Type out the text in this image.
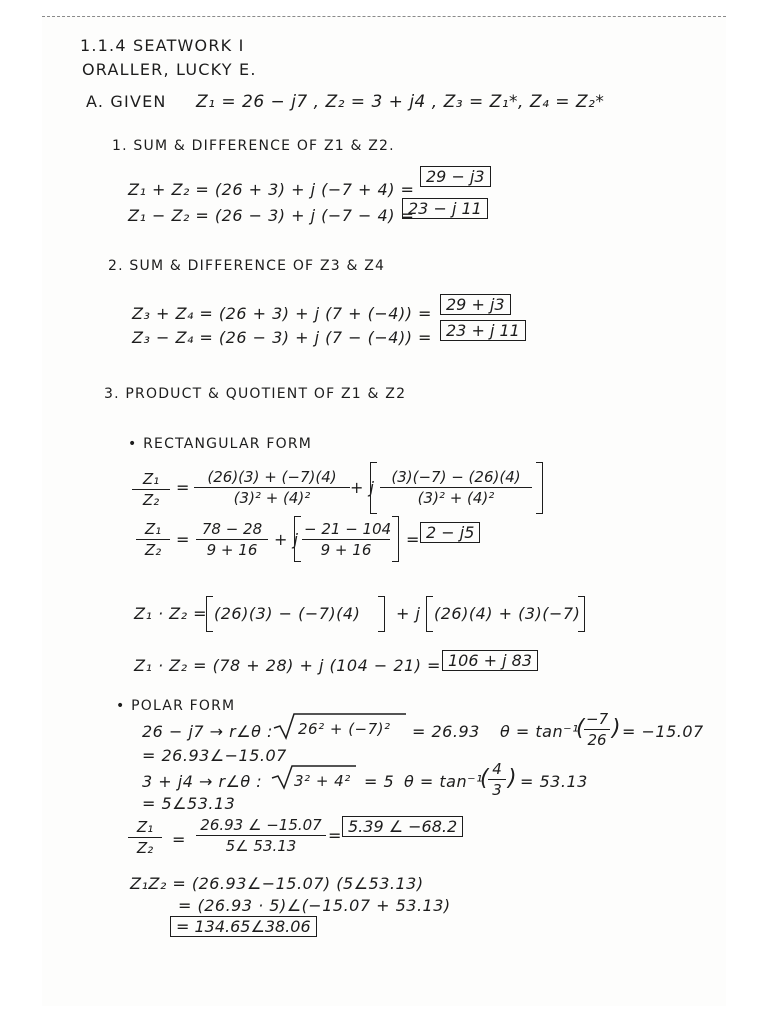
1.1.4 SEATWORK I
ORALLER, LUCKY E.
A. GIVEN Z₁ = 26 − j7 , Z₂ = 3 + j4 , Z₃ = Z₁*, Z₄ = Z₂*
1. SUM & DIFFERENCE OF Z1 & Z2.
Z₁ + Z₂ = (26 + 3) + j (−7 + 4) =
29 − j3
Z₁ − Z₂ = (26 − 3) + j (−7 − 4) =
23 − j 11
2. SUM & DIFFERENCE OF Z3 & Z4
Z₃ + Z₄ = (26 + 3) + j (7 + (−4)) = 29 + j3
Z₃ − Z₄ = (26 − 3) + j (7 − (−4)) = 23 + j 11
3. PRODUCT & QUOTIENT OF Z1 & Z2
• RECTANGULAR FORM
Z₁
Z₂
=
(26)(3) + (−7)(4)
(3)² + (4)²
+ j
(3)(−7) − (26)(4)
(3)² + (4)²
Z₁
Z₂
=
78 − 28
9 + 16
+ j
− 21 − 104
9 + 16
= 2 − j5
Z₁ · Z₂ = (26)(3) − (−7)(4) + j (26)(4) + (3)(−7)
Z₁ · Z₂ = (78 + 28) + j (104 − 21) = 106 + j 83
• POLAR FORM
26 − j7 → r∠θ : 26² + (−7)² = 26.93 θ = tan⁻¹
( −7
26 ) = −15.07
= 26.93∠−15.07
3 + j4 → r∠θ : 3² + 4² = 5 θ = tan⁻¹
( 4
3 ) = 53.13
= 5∠53.13
Z₁
Z₂	=
26.93 ∠ −15.07
5∠ 53.13
= 5.39 ∠ −68.2
Z₁Z₂ = (26.93∠−15.07) (5∠53.13)
= (26.93 · 5)∠(−15.07 + 53.13)
= 134.65∠38.06
